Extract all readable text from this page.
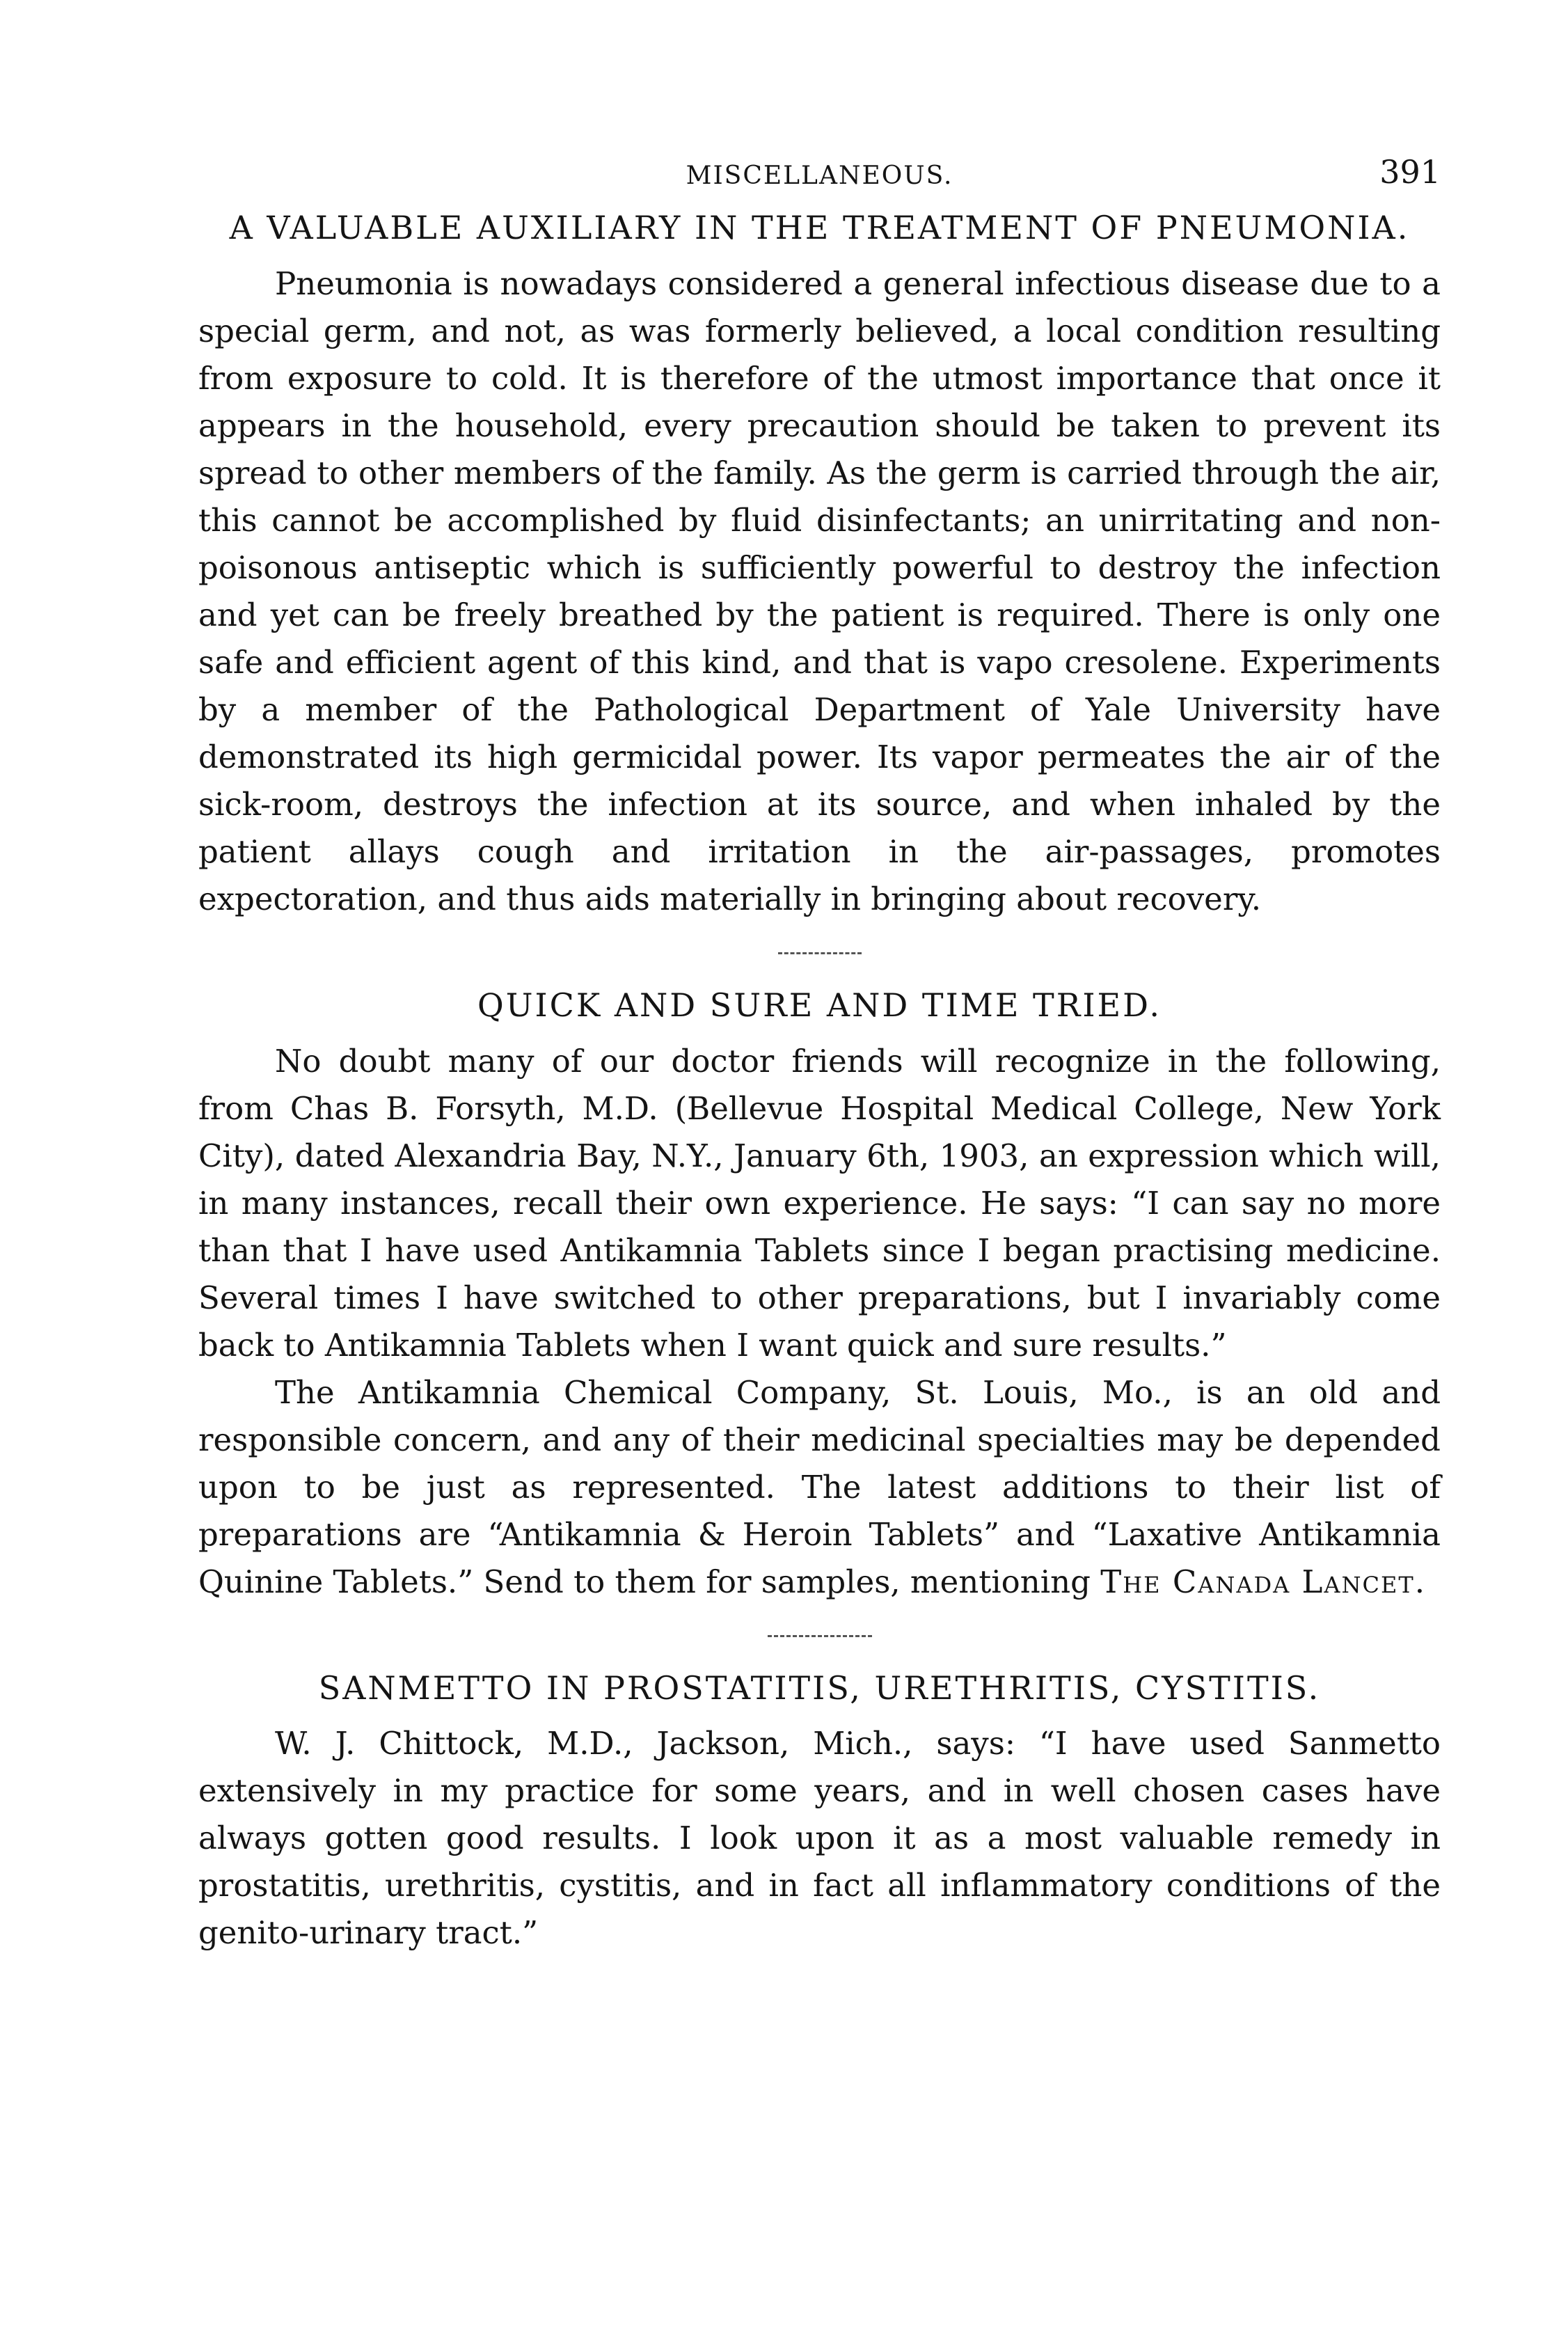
MISCELLANEOUS.	391
A VALUABLE AUXILIARY IN THE TREATMENT OF PNEUMONIA.

Pneumonia is nowadays considered a general infectious disease due to a special germ, and not, as was formerly believed, a local condition resulting from exposure to cold. It is therefore of the utmost importance that once it appears in the household, every precaution should be taken to prevent its spread to other members of the family. As the germ is carried through the air, this cannot be accomplished by fluid disinfectants; an unirritating and non-poisonous antiseptic which is sufficiently powerful to destroy the infection and yet can be freely breathed by the patient is required. There is only one safe and efficient agent of this kind, and that is vapo cresolene. Experiments by a member of the Pathological Department of Yale University have demonstrated its high germicidal power. Its vapor permeates the air of the sick-room, destroys the infection at its source, and when inhaled by the patient allays cough and irritation in the air-passages, promotes expectoration, and thus aids materially in bringing about recovery.

QUICK AND SURE AND TIME TRIED.

No doubt many of our doctor friends will recognize in the following, from Chas B. Forsyth, M.D. (Bellevue Hospital Medical College, New York City), dated Alexandria Bay, N.Y., January 6th, 1903, an expression which will, in many instances, recall their own experience. He says: “I can say no more than that I have used Antikamnia Tablets since I began practising medicine. Several times I have switched to other preparations, but I invariably come back to Antikamnia Tablets when I want quick and sure results.”

The Antikamnia Chemical Company, St. Louis, Mo., is an old and responsible concern, and any of their medicinal specialties may be depended upon to be just as represented. The latest additions to their list of preparations are “Antikamnia & Heroin Tablets” and “Laxative Antikamnia Quinine Tablets.” Send to them for samples, mentioning The Canada Lancet.

SANMETTO IN PROSTATITIS, URETHRITIS, CYSTITIS.

W. J. Chittock, M.D., Jackson, Mich., says: “I have used Sanmetto extensively in my practice for some years, and in well chosen cases have always gotten good results. I look upon it as a most valuable remedy in prostatitis, urethritis, cystitis, and in fact all inflammatory conditions of the genito-urinary tract.”
